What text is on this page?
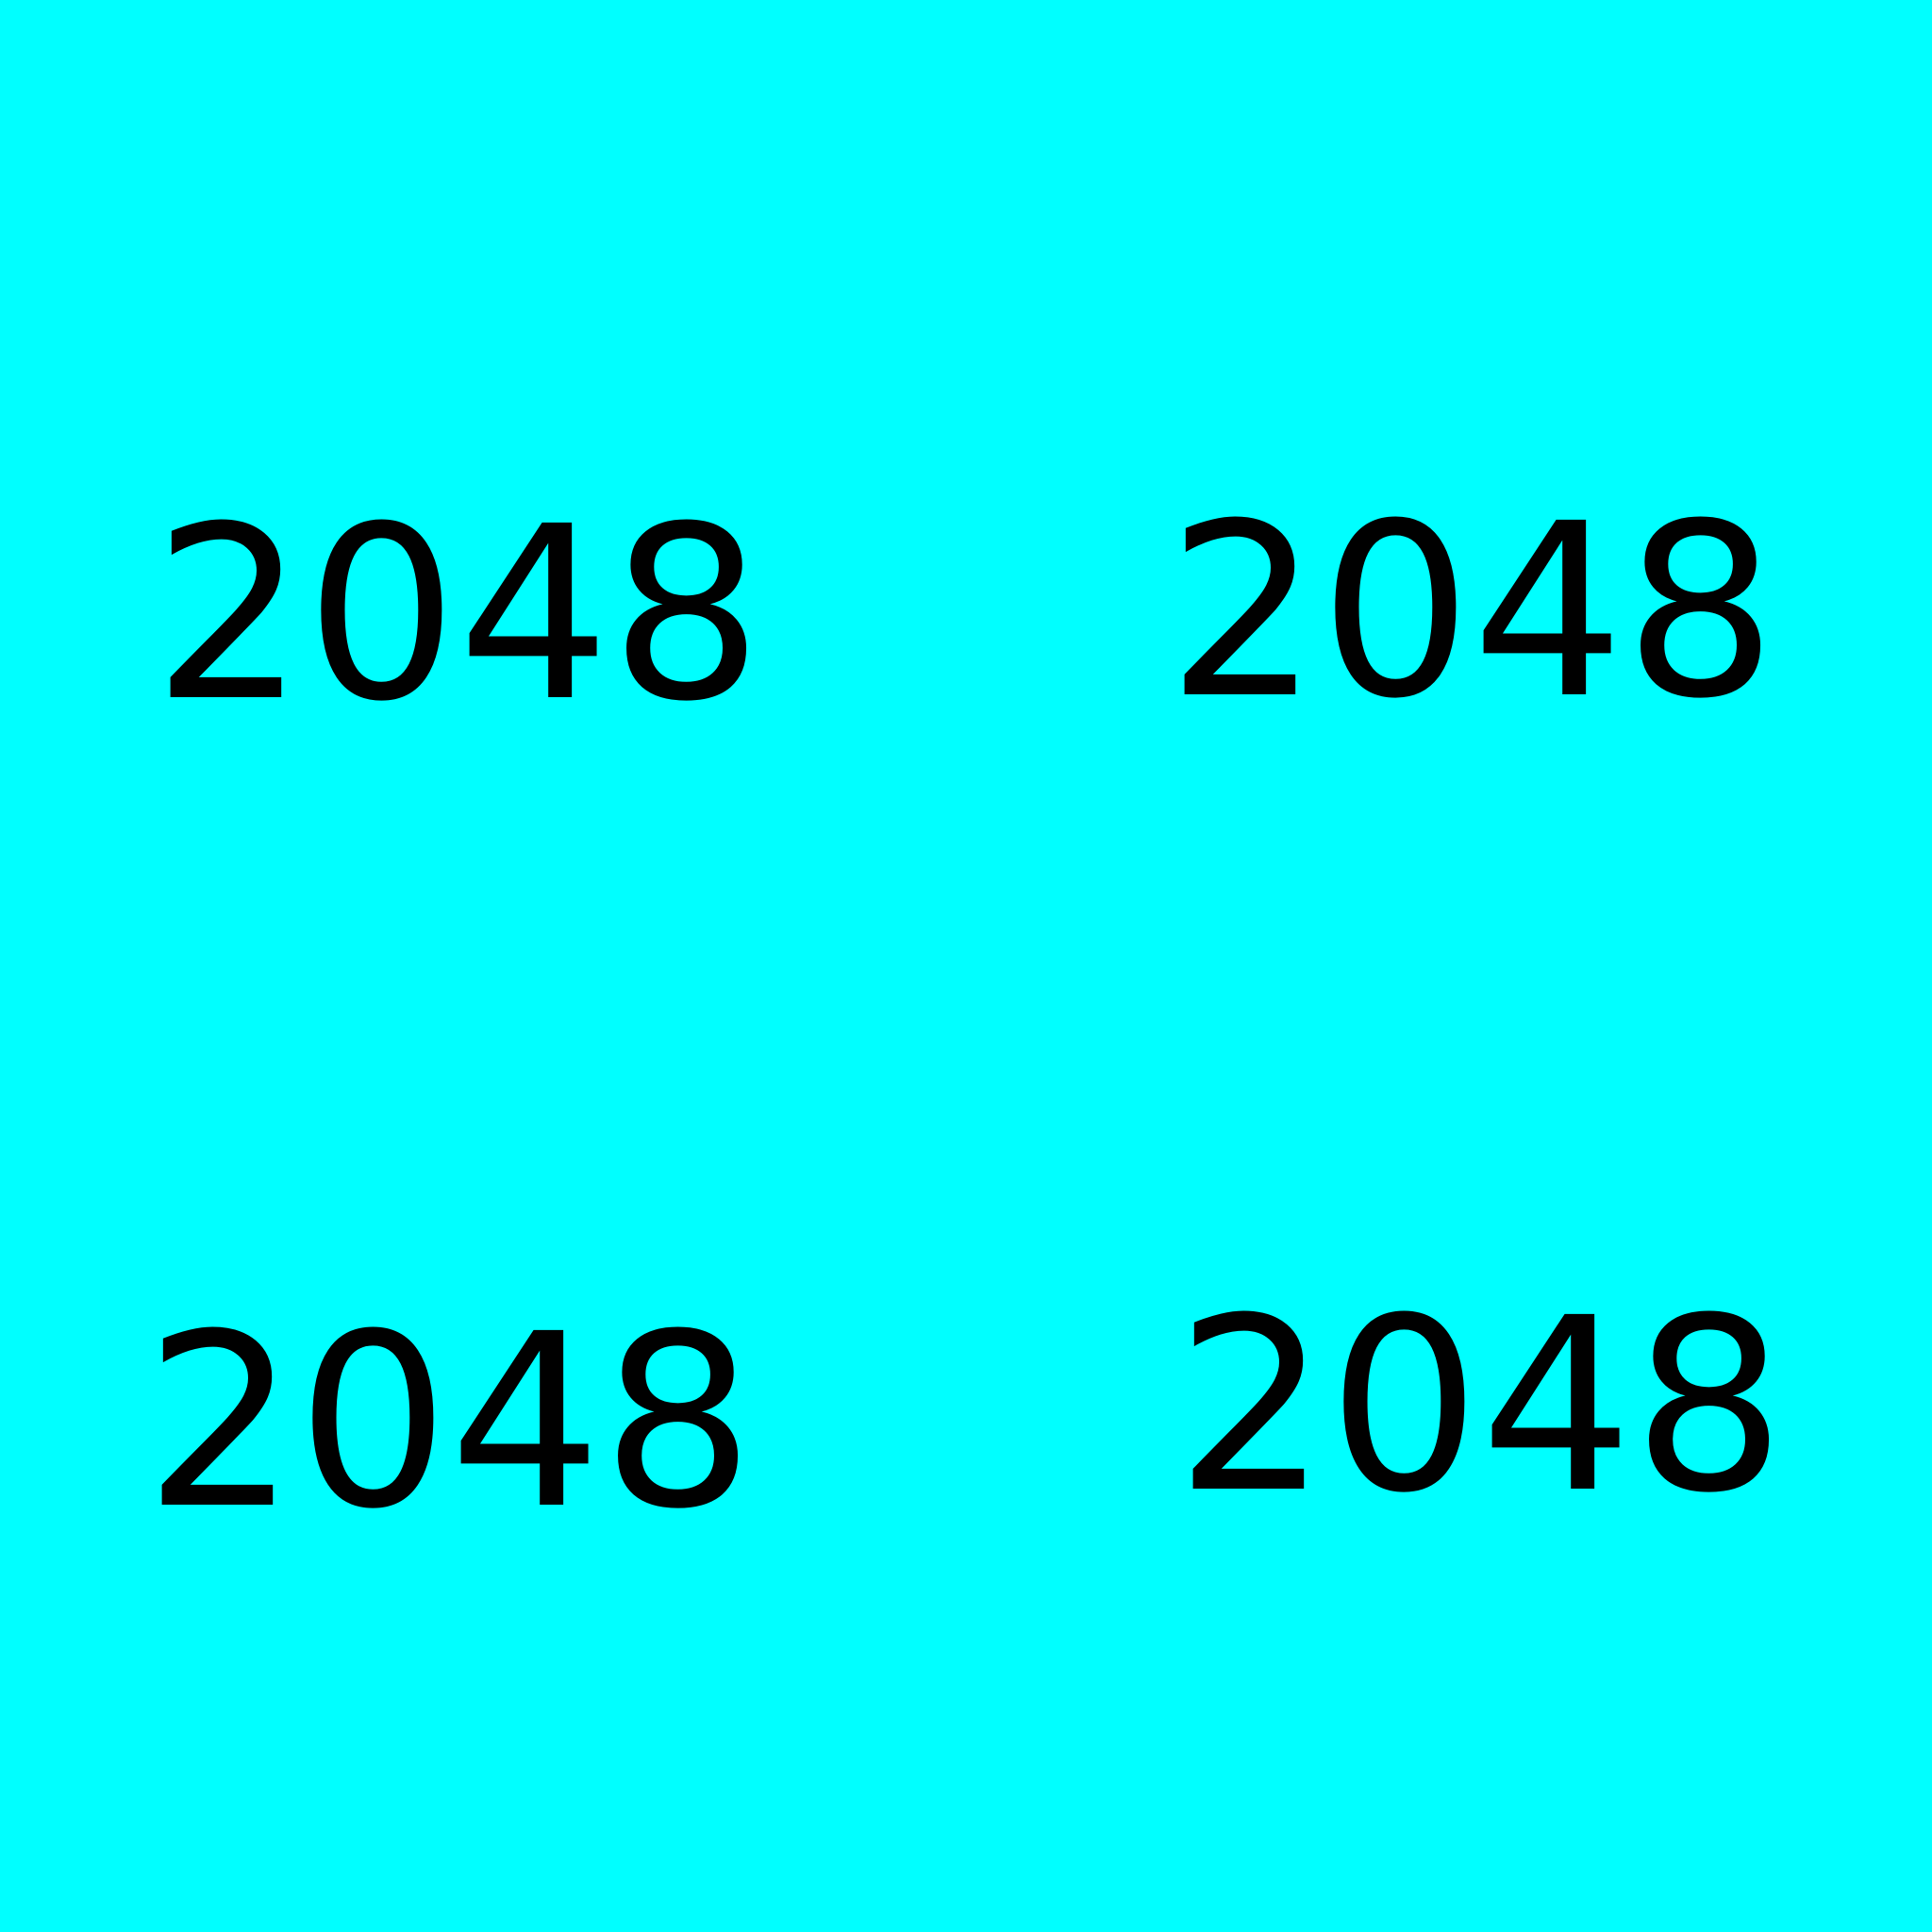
2048 2048

2048 2048
